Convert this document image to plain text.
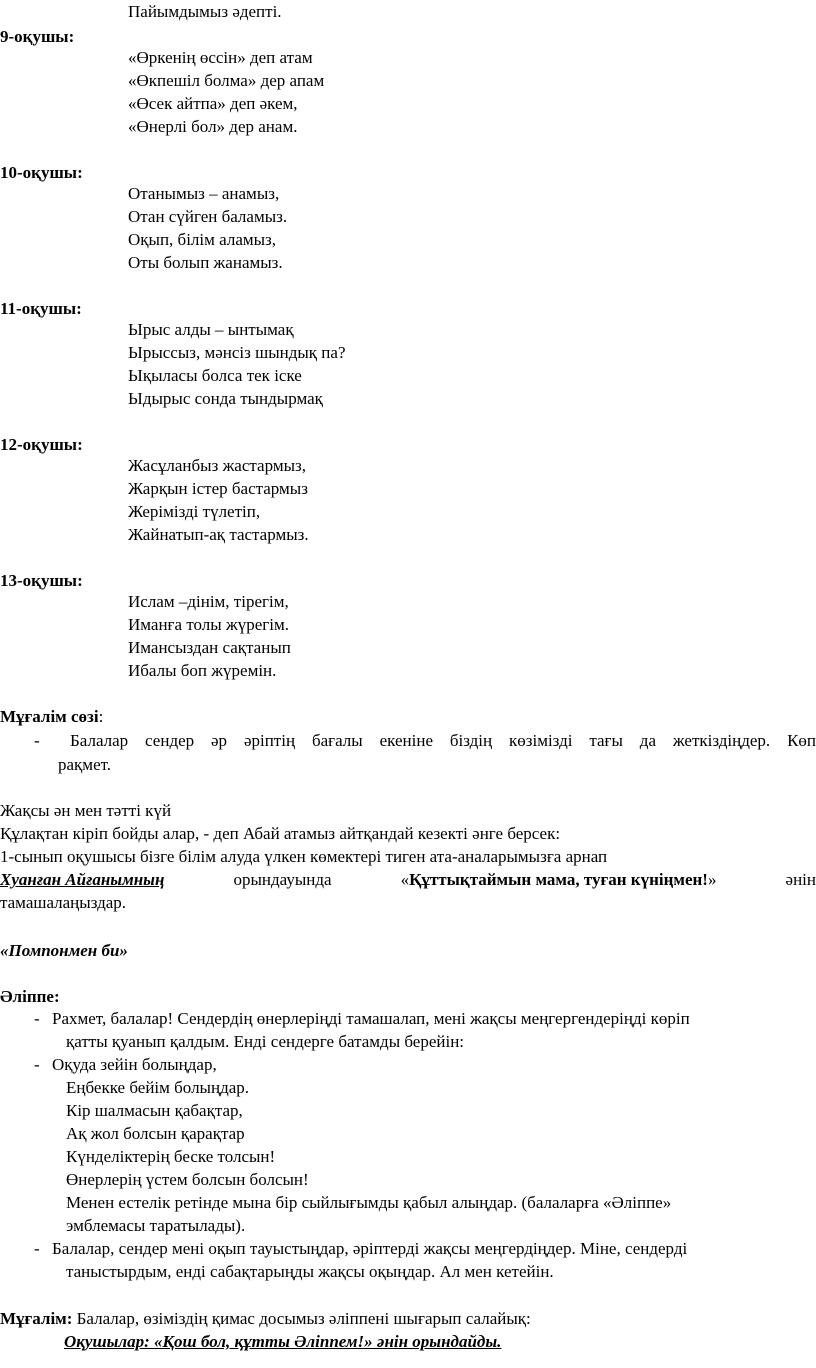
Пайымдымыз әдепті.
9-оқушы:
«Өркенің өссін» деп атам
«Өкпешіл болма» дер апам
«Өсек айтпа» деп әкем,
«Өнерлі бол» дер анам.
10-оқушы:
Отанымыз – анамыз,
Отан сүйген баламыз.
Оқып, білім аламыз,
Оты болып жанамыз.
11-оқушы:
Ырыс алды – ынтымақ
Ырыссыз, мәнсіз шындық па?
Ықыласы болса тек іске
Ыдырыс сонда тындырмақ
12-оқушы:
Жасұланбыз жастармыз,
Жарқын істер бастармыз
Жерімізді түлетіп,
Жайнатып-ақ тастармыз.
13-оқушы:
Ислам –дінім, тірегім,
Иманға толы жүрегім.
Имансыздан сақтанып
Ибалы боп жүремін.
Мұғалім сөзі:
- Балалар сендер әр әріптің бағалы екеніне біздің көзімізді тағы да жеткіздіңдер. Көп
рақмет.
Жақсы ән мен тәтті күй
Құлақтан кіріп бойды алар, - деп Абай атамыз айтқандай кезекті әнге берсек:
1-сынып оқушысы бізге білім алуда үлкен көмектері тиген ата-аналарымызға арнап
Хуанған Айғанымның	орындауында	«Құттықтаймын мама, туған күніңмен!»	әнін
тамашалаңыздар.
«Помпонмен би»
Әліппе:
- Рахмет, балалар! Сендердің өнерлеріңді тамашалап, мені жақсы меңгергендеріңді көріп
қатты қуанып қалдым. Енді сендерге батамды берейін:
- Оқуда зейін болыңдар,
Еңбекке бейім болыңдар.
Кір шалмасын қабақтар,
Ақ жол болсын қарақтар
Күнделіктерің беске толсын!
Өнерлерің үстем болсын болсын!
Менен естелік ретінде мына бір сыйлығымды қабыл алыңдар. (балаларға «Әліппе»
эмблемасы таратылады).
- Балалар, сендер мені оқып тауыстыңдар, әріптерді жақсы меңгердіңдер. Міне, сендерді
таныстырдым, енді сабақтарыңды жақсы оқыңдар. Ал мен кетейін.
Мұғалім: Балалар, өзіміздің қимас досымыз әліппені шығарып салайық:
Оқушылар: «Қош бол, құтты Әліппем!» әнін орындайды.
